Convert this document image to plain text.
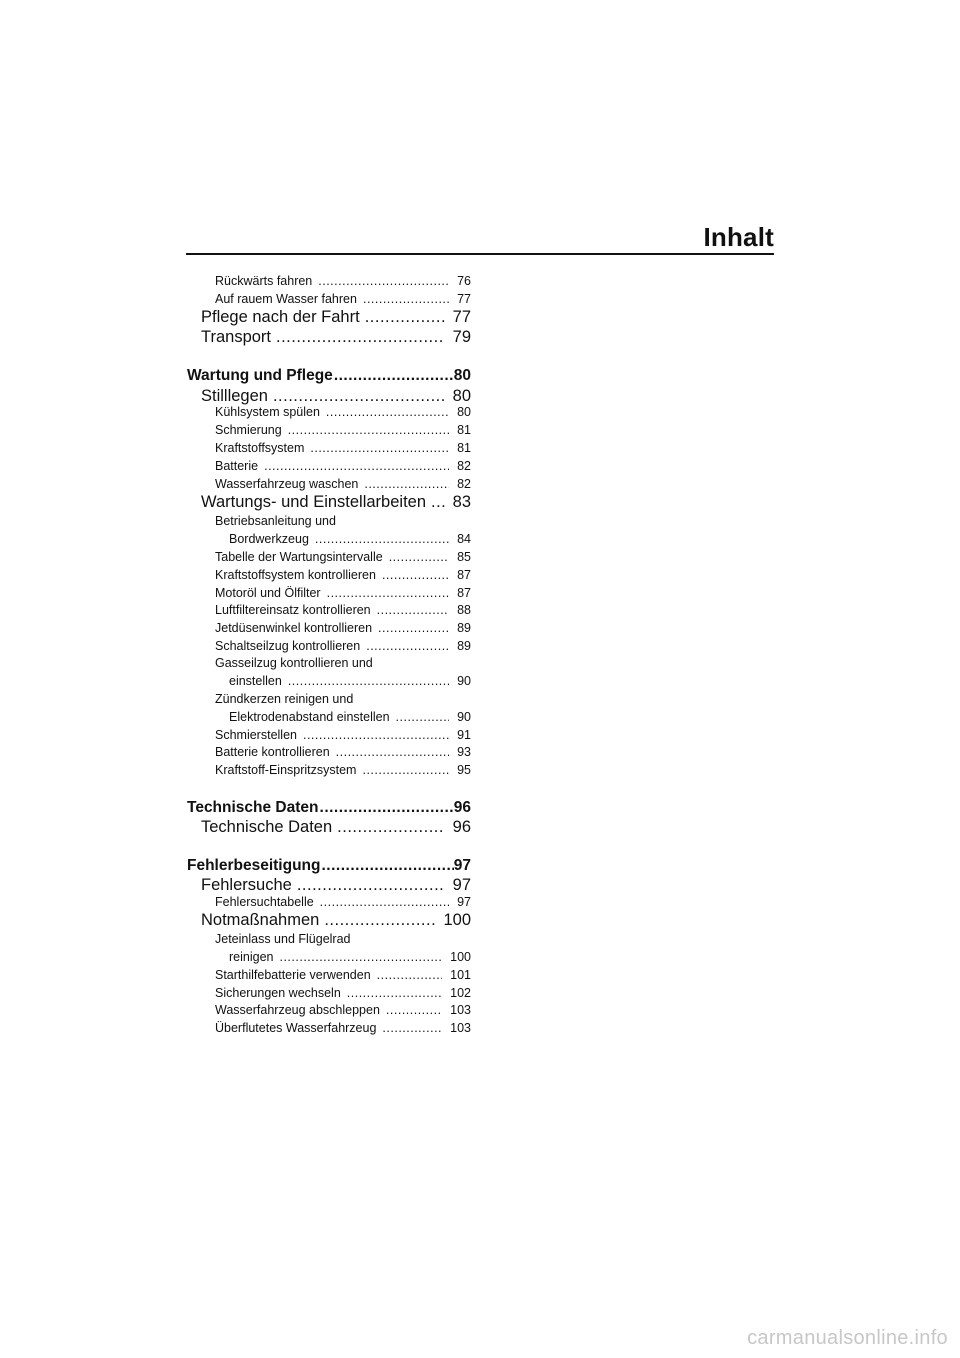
Inhalt
Rückwärts fahren .....	76
Auf rauem Wasser fahren .....	77
Pflege nach der Fahrt .....	77
Transport .....	79
Wartung und Pflege .....	80
Stilllegen .....	80
Kühlsystem spülen .....	80
Schmierung .....	81
Kraftstoffsystem .....	81
Batterie .....	82
Wasserfahrzeug waschen .....	82
Wartungs- und Einstellarbeiten ..... 83
Betriebsanleitung und
Bordwerkzeug .....	84
Tabelle der Wartungsintervalle .....	85
Kraftstoffsystem kontrollieren .....	87
Motoröl und Ölfilter .....	87
Luftfiltereinsatz kontrollieren .....	88
Jetdüsenwinkel kontrollieren .....	89
Schaltseilzug kontrollieren .....	89
Gasseilzug kontrollieren und
einstellen .....	90
Zündkerzen reinigen und
Elektrodenabstand einstellen .....	90
Schmierstellen .....	91
Batterie kontrollieren .....	93
Kraftstoff-Einspritzsystem .....	95
Technische Daten .....	96
Technische Daten .....	96
Fehlerbeseitigung .....	97
Fehlersuche .....	97
Fehlersuchtabelle .....	97
Notmaßnahmen .....	100
Jeteinlass und Flügelrad
reinigen .....	100
Starthilfebatterie verwenden .....	101
Sicherungen wechseln .....	102
Wasserfahrzeug abschleppen .....	103
Überflutetes Wasserfahrzeug .....	103
carmanualsonline.info
